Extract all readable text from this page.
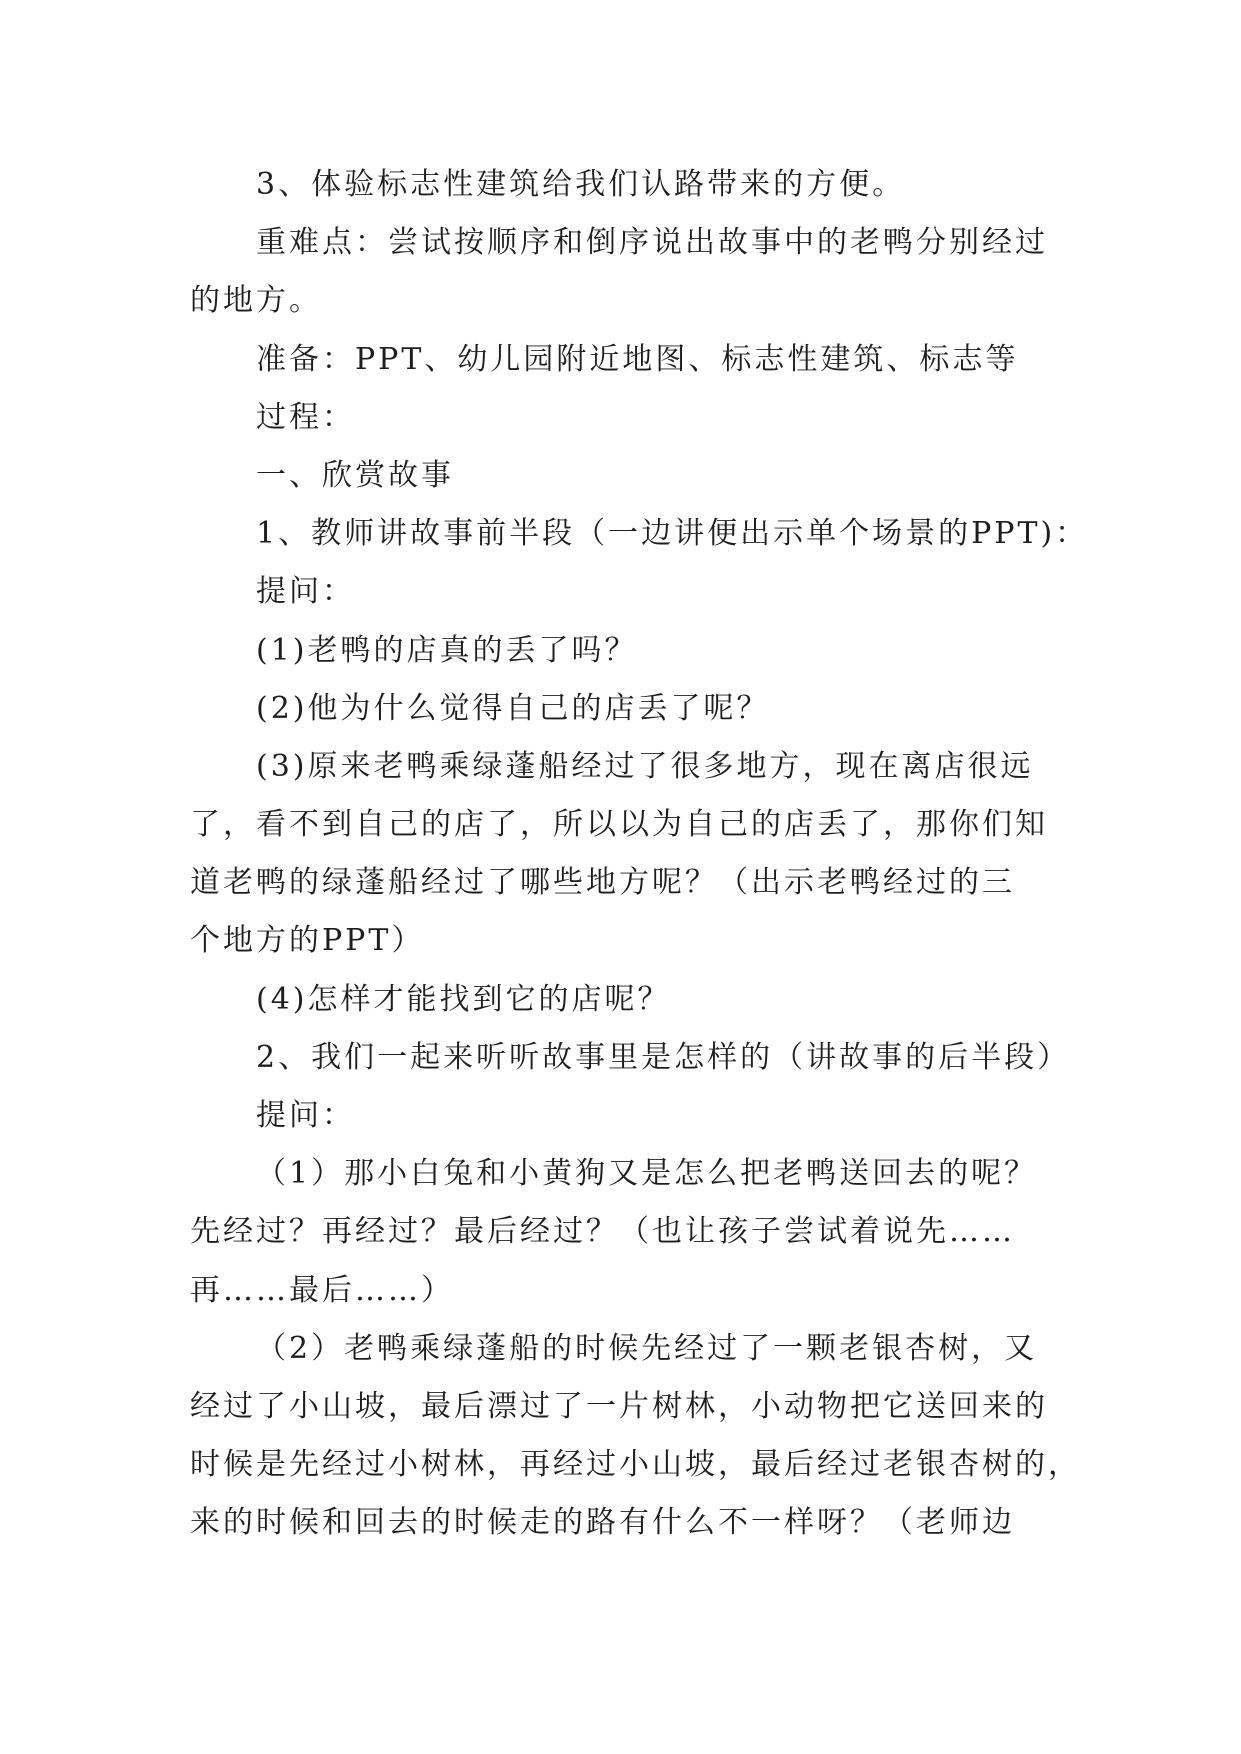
3、体验标志性建筑给我们认路带来的方便。
重难点：尝试按顺序和倒序说出故事中的老鸭分别经过
的地方。
准备：PPT、幼儿园附近地图、标志性建筑、标志等
过程：
一、欣赏故事
1、教师讲故事前半段（一边讲便出示单个场景的PPT)：
提问：
(1)老鸭的店真的丢了吗？
(2)他为什么觉得自己的店丢了呢？
(3)原来老鸭乘绿蓬船经过了很多地方，现在离店很远
了，看不到自己的店了，所以以为自己的店丢了，那你们知
道老鸭的绿蓬船经过了哪些地方呢？（出示老鸭经过的三
个地方的PPT）
(4)怎样才能找到它的店呢？
2、我们一起来听听故事里是怎样的（讲故事的后半段）
提问：
（1）那小白兔和小黄狗又是怎么把老鸭送回去的呢？
先经过？再经过？最后经过？（也让孩子尝试着说先……
再……最后……）
（2）老鸭乘绿蓬船的时候先经过了一颗老银杏树，又
经过了小山坡，最后漂过了一片树林，小动物把它送回来的
时候是先经过小树林，再经过小山坡，最后经过老银杏树的，
来的时候和回去的时候走的路有什么不一样呀？（老师边
